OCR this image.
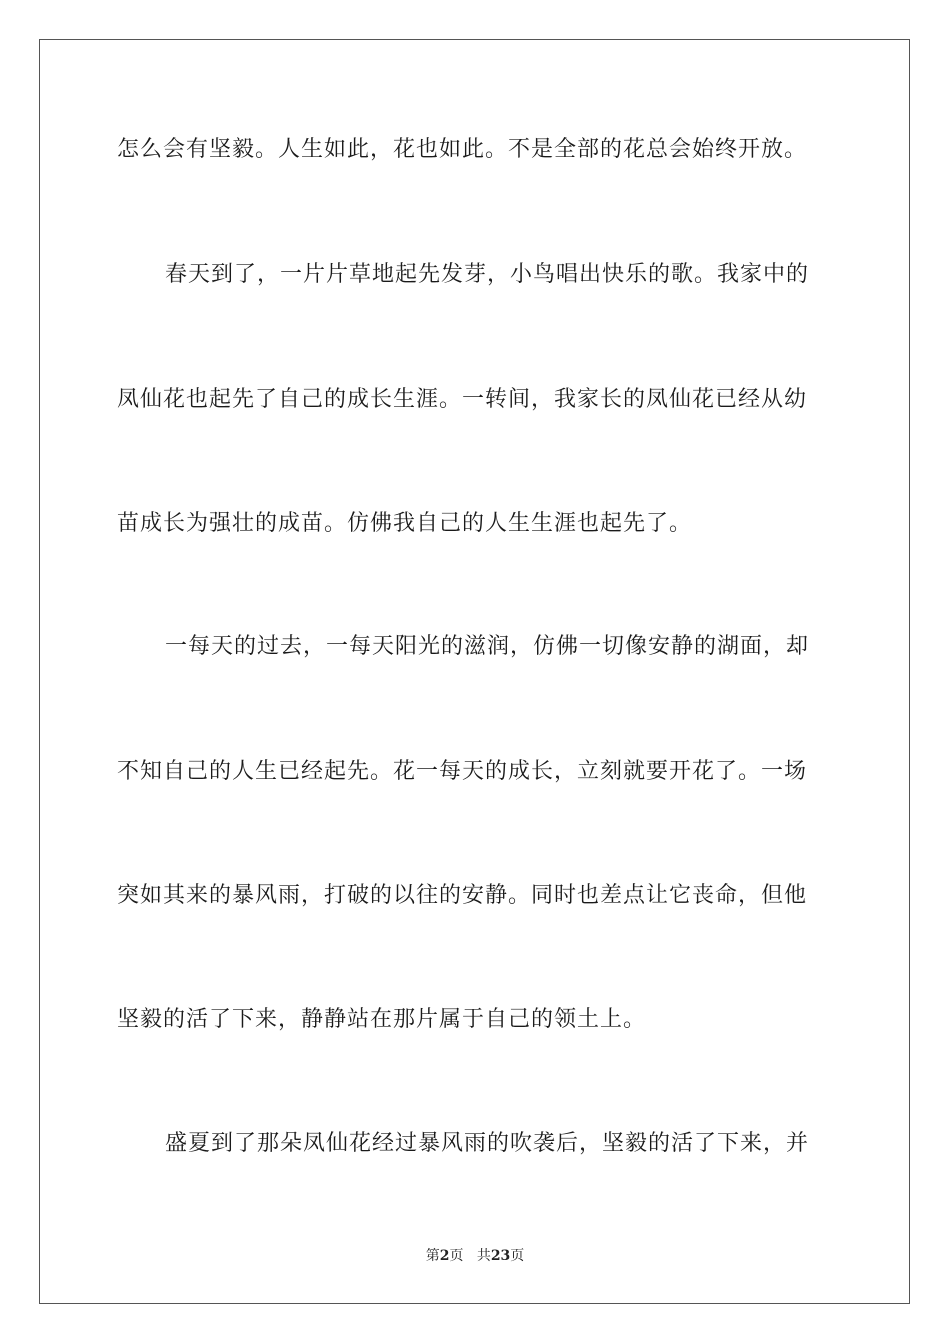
怎么会有坚毅。人生如此，花也如此。不是全部的花总会始终开放。
春天到了，一片片草地起先发芽，小鸟唱出快乐的歌。我家中的
凤仙花也起先了自己的成长生涯。一转间，我家长的凤仙花已经从幼
苗成长为强壮的成苗。仿佛我自己的人生生涯也起先了。
一每天的过去，一每天阳光的滋润，仿佛一切像安静的湖面，却
不知自己的人生已经起先。花一每天的成长，立刻就要开花了。一场
突如其来的暴风雨，打破的以往的安静。同时也差点让它丧命，但他
坚毅的活了下来，静静站在那片属于自己的领土上。
盛夏到了那朵凤仙花经过暴风雨的吹袭后，坚毅的活了下来，并
第2页 共23页
